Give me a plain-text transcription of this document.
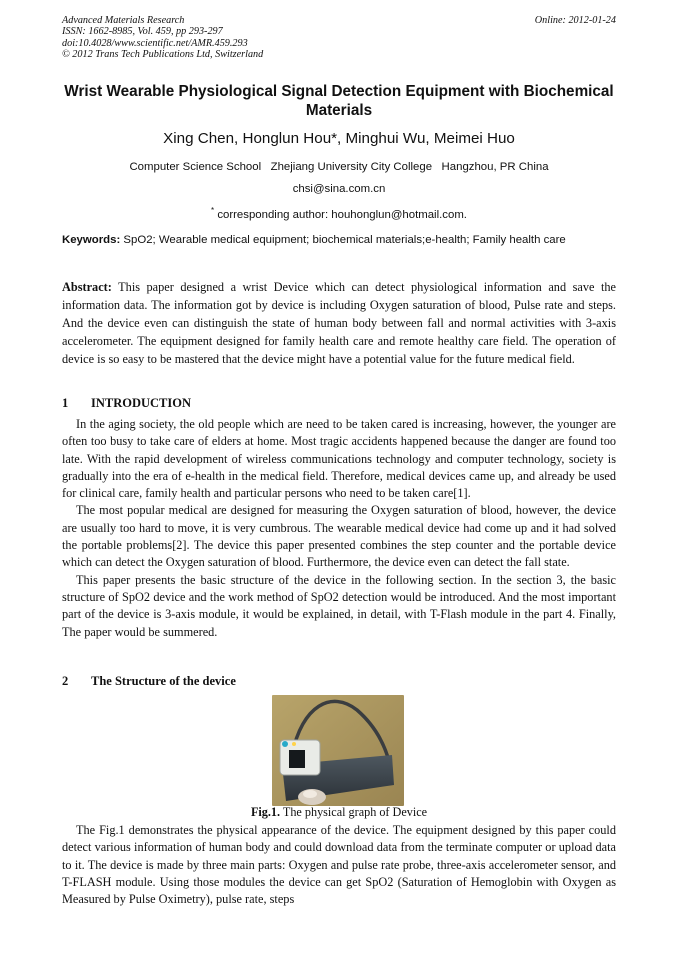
Advanced Materials Research
ISSN: 1662-8985, Vol. 459, pp 293-297
doi:10.4028/www.scientific.net/AMR.459.293
© 2012 Trans Tech Publications Ltd, Switzerland
Online: 2012-01-24
Wrist Wearable Physiological Signal Detection Equipment with Biochemical Materials
Xing Chen, Honglun Hou*, Minghui Wu, Meimei Huo
Computer Science School   Zhejiang University City College   Hangzhou, PR China
chsi@sina.com.cn
* corresponding author: houhonglun@hotmail.com.
Keywords: SpO2; Wearable medical equipment; biochemical materials;e-health; Family health care
Abstract: This paper designed a wrist Device which can detect physiological information and save the information data. The information got by device is including Oxygen saturation of blood, Pulse rate and steps. And the device even can distinguish the state of human body between fall and normal activities with 3-axis accelerometer. The equipment designed for family health care and remote healthy care field. The operation of device is so easy to be mastered that the device might have a potential value for the future medical field.
1 INTRODUCTION

In the aging society, the old people which are need to be taken cared is increasing, however, the younger are often too busy to take care of elders at home. Most tragic accidents happened because the danger are found too late. With the rapid development of wireless communications technology and computer technology, society is gradually into the era of e-health in the medical field. Therefore, medical devices came up, and already be used for clinical care, family health and particular persons who need to be taken care[1].

The most popular medical are designed for measuring the Oxygen saturation of blood, however, the device are usually too hard to move, it is very cumbrous. The wearable medical device had come up and it had solved the portable problems[2]. The device this paper presented combines the step counter and the portable device which can detect the Oxygen saturation of blood. Furthermore, the device even can detect the fall state.

This paper presents the basic structure of the device in the following section. In the section 3, the basic structure of SpO2 device and the work method of SpO2 detection would be introduced. And the most important part of the device is 3-axis module, it would be explained, in detail, with T-Flash module in the part 4. Finally, The paper would be summered.

2 The Structure of the device
Fig.1. The physical graph of Device

The Fig.1 demonstrates the physical appearance of the device. The equipment designed by this paper could detect various information of human body and could download data from the terminate computer or upload data to it. The device is made by three main parts: Oxygen and pulse rate probe, three-axis accelerometer sensor, and T-FLASH module. Using those modules the device can get SpO2 (Saturation of Hemoglobin with Oxygen as Measured by Pulse Oximetry), pulse rate, steps
